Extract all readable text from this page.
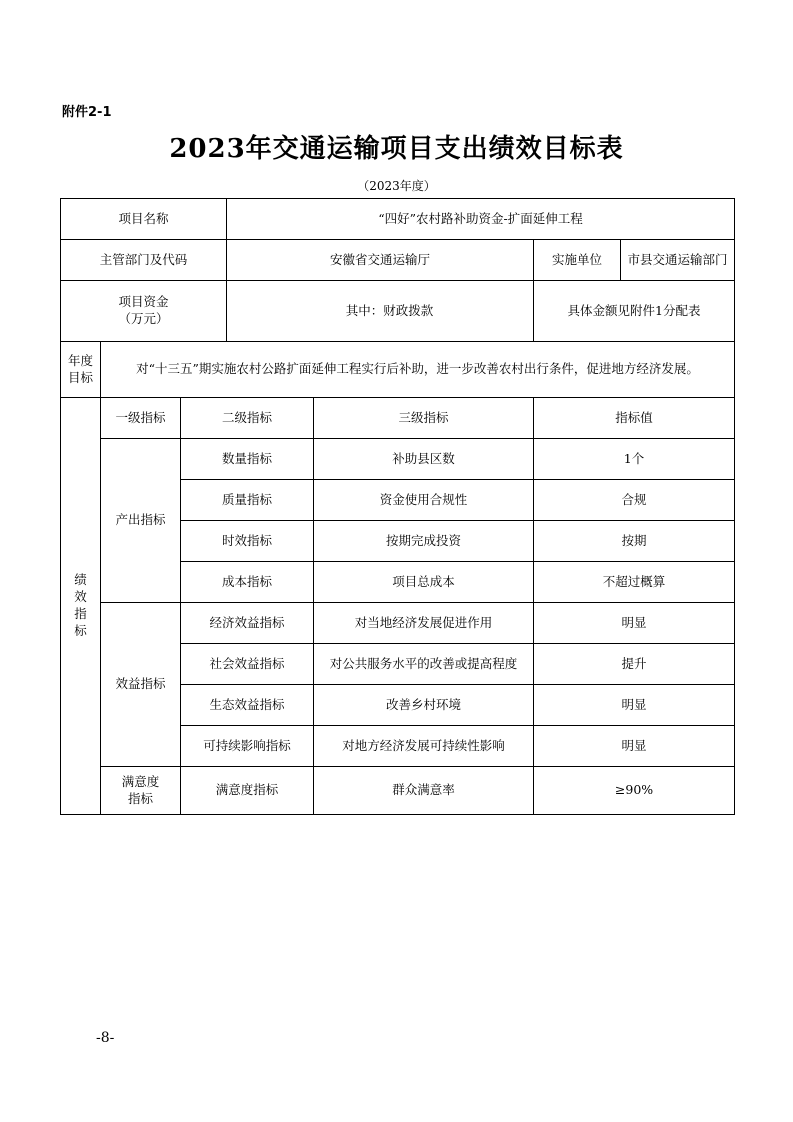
附件2-1
2023年交通运输项目支出绩效目标表
（2023年度）
项目名称			“四好”农村路补助资金-扩面延伸工程			
主管部门及代码			安徽省交通运输厅		实施单位	市县交通运输部门

项目资金
（万元）			其中：财政拨款		具体金额见附件1分配表	

年度
目标	对“十三五”期实施农村公路扩面延伸工程实行后补助，进一步改善农村出行条件，促进地方经济发展。					

绩
效
指
标	一级指标	二级指标		三级指标	指标值	
	产出指标	数量指标		补助县区数	1个	
		质量指标		资金使用合规性	合规	
		时效指标		按期完成投资	按期	
		成本指标		项目总成本	不超过概算	
	效益指标	经济效益指标		对当地经济发展促进作用	明显	
		社会效益指标		对公共服务水平的改善或提高程度	提升	
		生态效益指标		改善乡村环境	明显	
		可持续影响指标		对地方经济发展可持续性影响	明显	

	满意度
指标	满意度指标		群众满意率	≥90%	
-8-
